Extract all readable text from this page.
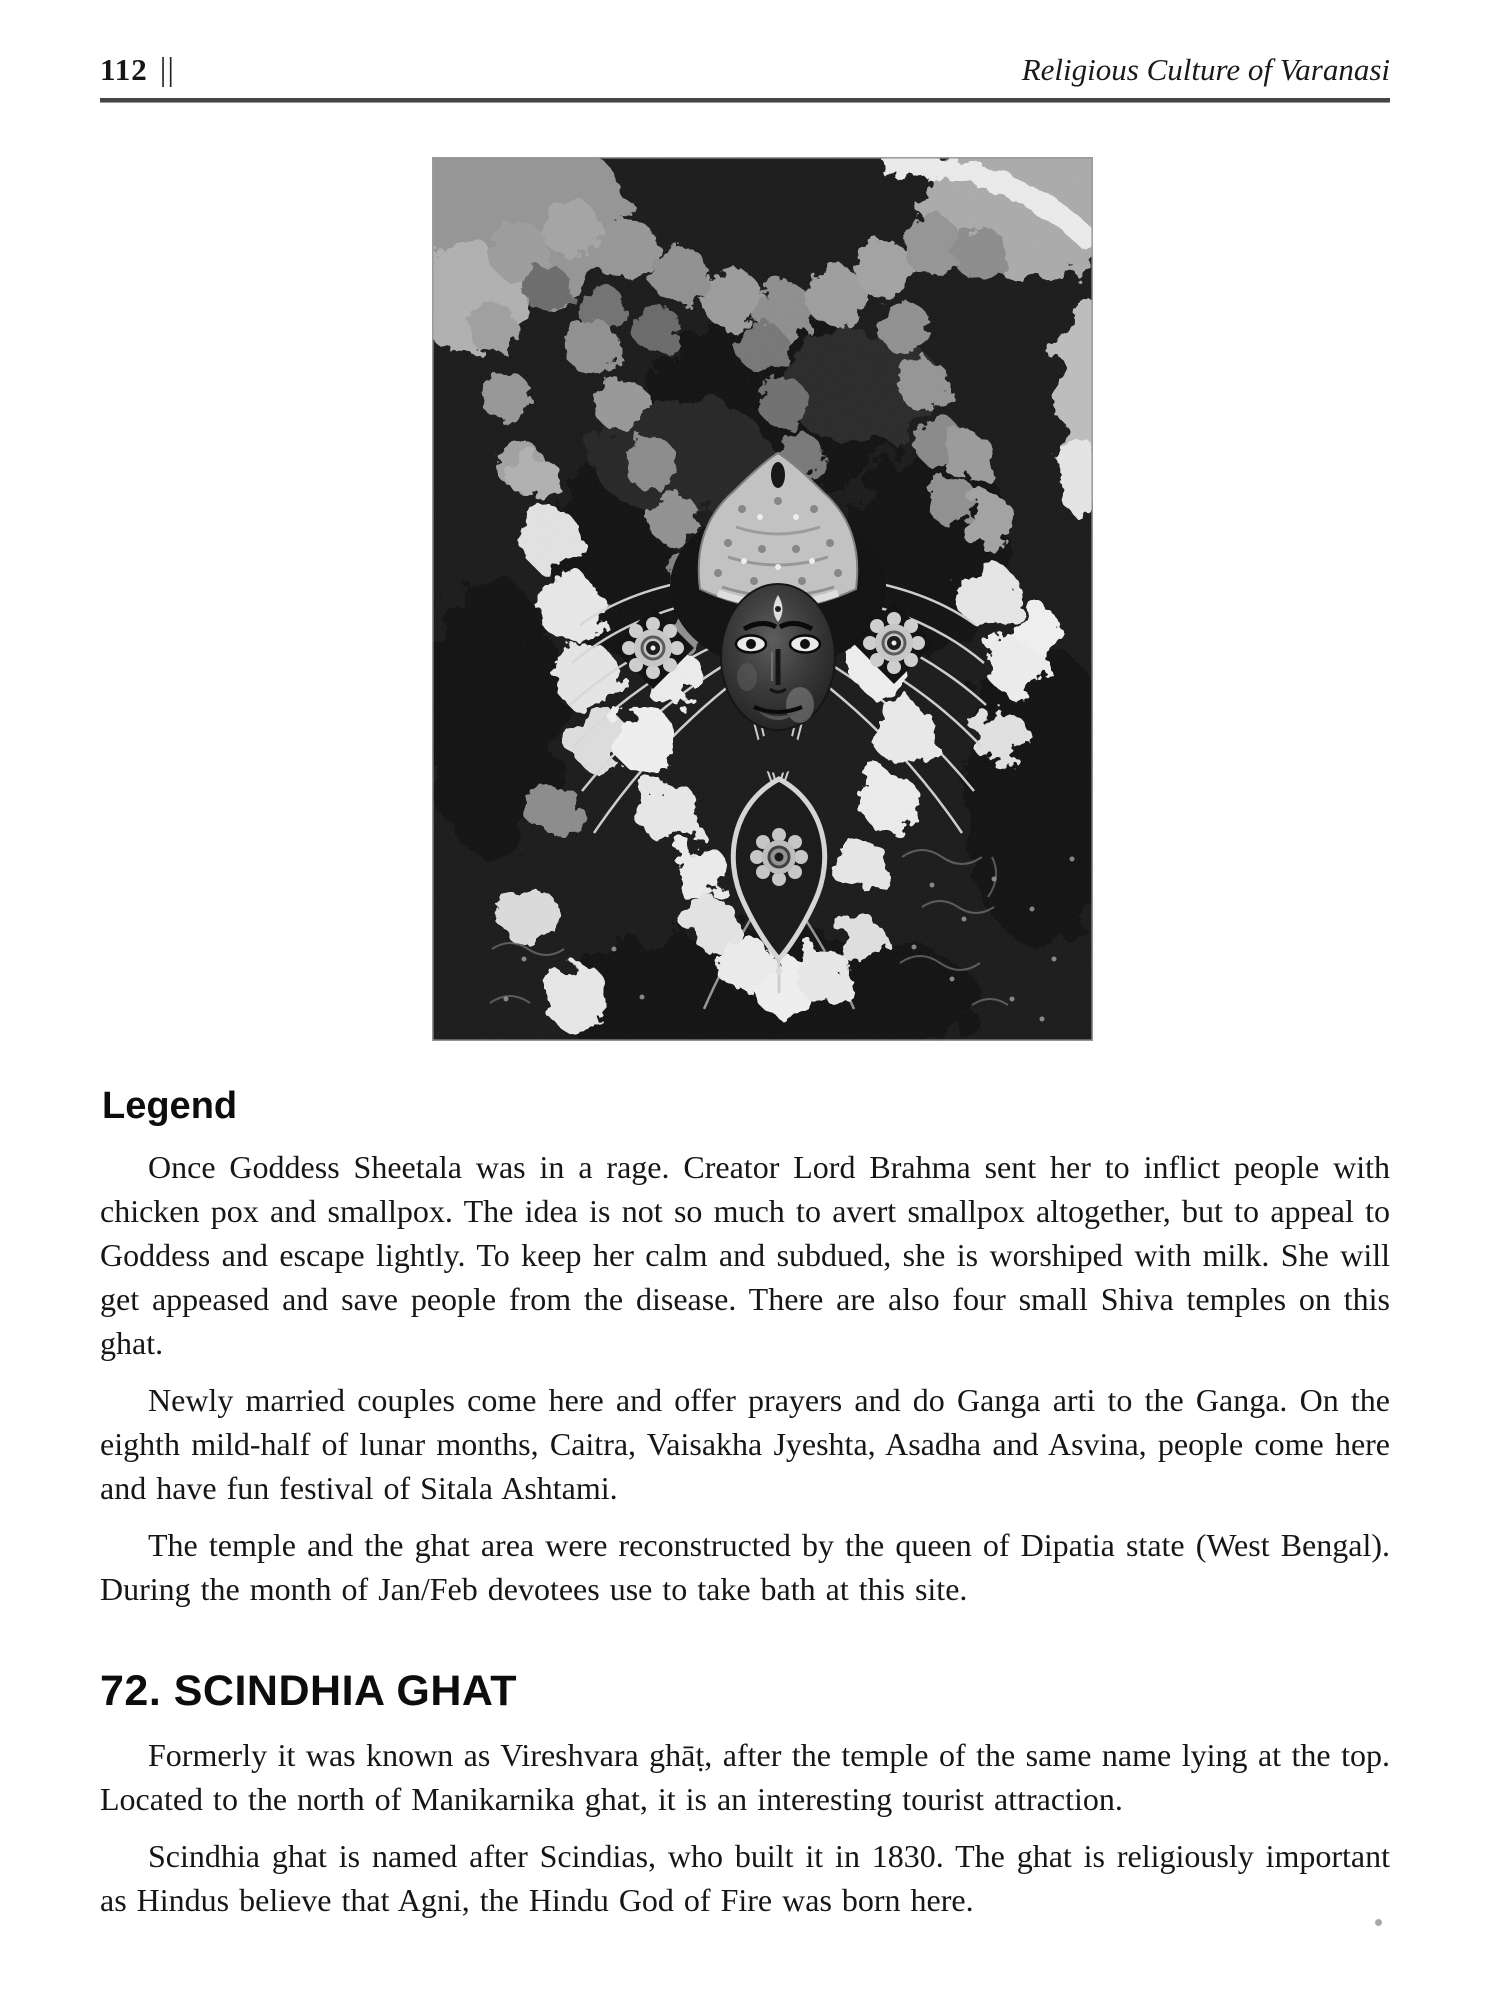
112 ||	Religious Culture of Varanasi
Legend

Once Goddess Sheetala was in a rage. Creator Lord Brahma sent her to inflict people with chicken pox and smallpox. The idea is not so much to avert smallpox altogether, but to appeal to Goddess and escape lightly. To keep her calm and subdued, she is worshiped with milk. She will get appeased and save people from the disease. There are also four small Shiva temples on this ghat.

Newly married couples come here and offer prayers and do Ganga arti to the Ganga. On the eighth mild-half of lunar months, Caitra, Vaisakha Jyeshta, Asadha and Asvina, people come here and have fun festival of Sitala Ashtami.

The temple and the ghat area were reconstructed by the queen of Dipatia state (West Bengal). During the month of Jan/Feb devotees use to take bath at this site.

72. SCINDHIA GHAT

Formerly it was known as Vireshvara ghāṭ, after the temple of the same name lying at the top. Located to the north of Manikarnika ghat, it is an interesting tourist attraction.

Scindhia ghat is named after Scindias, who built it in 1830. The ghat is religiously important as Hindus believe that Agni, the Hindu God of Fire was born here.
